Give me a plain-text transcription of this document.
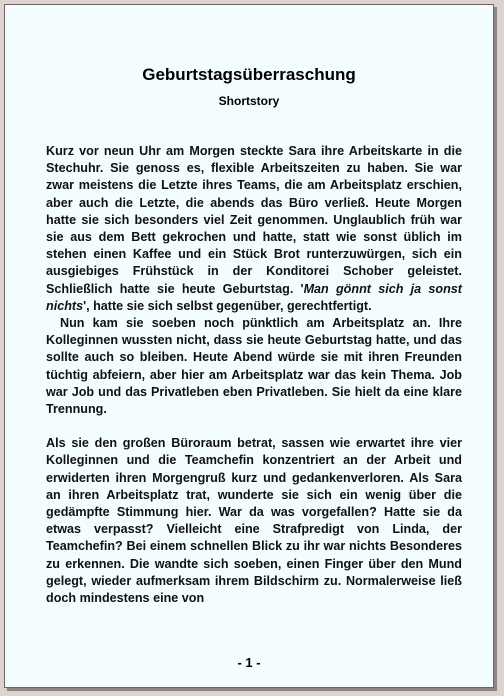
Geburtstagsüberraschung
Shortstory

Kurz vor neun Uhr am Morgen steckte Sara ihre Arbeitskarte in die Stechuhr. Sie genoss es, flexible Arbeitszeiten zu haben. Sie war zwar meistens die Letzte ihres Teams, die am Arbeitsplatz erschien, aber auch die Letzte, die abends das Büro verließ. Heute Morgen hatte sie sich besonders viel Zeit genommen. Unglaublich früh war sie aus dem Bett gekrochen und hatte, statt wie sonst üblich im stehen einen Kaffee und ein Stück Brot runterzuwürgen, sich ein ausgiebiges Frühstück in der Konditorei Schober geleistet. Schließlich hatte sie heute Geburtstag. 'Man gönnt sich ja sonst nichts', hatte sie sich selbst gegenüber, gerechtfertigt.

Nun kam sie soeben noch pünktlich am Arbeitsplatz an. Ihre Kolleginnen wussten nicht, dass sie heute Geburtstag hatte, und das sollte auch so bleiben. Heute Abend würde sie mit ihren Freunden tüchtig abfeiern, aber hier am Arbeitsplatz war das kein Thema. Job war Job und das Privatleben eben Privatleben. Sie hielt da eine klare Trennung.

Als sie den großen Büroraum betrat, sassen wie erwartet ihre vier Kolleginnen und die Teamchefin konzentriert an der Arbeit und erwiderten ihren Morgengruß kurz und gedankenverloren. Als Sara an ihren Arbeitsplatz trat, wunderte sie sich ein wenig über die gedämpfte Stimmung hier. War da was vorgefallen? Hatte sie da etwas verpasst? Vielleicht eine Strafpredigt von Linda, der Teamchefin? Bei einem schnellen Blick zu ihr war nichts Besonderes zu erkennen. Die wandte sich soeben, einen Finger über den Mund gelegt, wieder aufmerksam ihrem Bildschirm zu. Normalerweise ließ doch mindestens eine von

- 1 -
